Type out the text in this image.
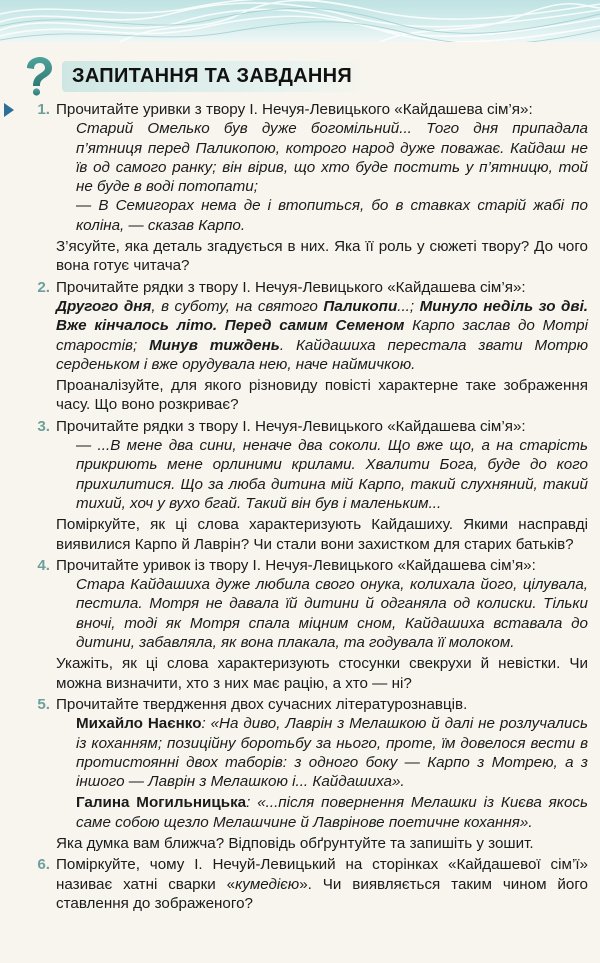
ЗАПИТАННЯ ТА ЗАВДАННЯ
1. Прочитайте уривки з твору І. Нечуя-Левицького «Кайдашева сім’я»:

Старий Омелько був дуже богомільний... Того дня припадала п’ятниця перед Паликопою, котрого народ дуже поважає. Кайдаш не їв од самого ранку; він вірив, що хто буде постить у п’ятницю, той не буде в воді потопати;

— В Семигорах нема де і втопиться, бо в ставках старій жабі по коліна, — сказав Карпо.

З’ясуйте, яка деталь згадується в них. Яка її роль у сюжеті твору? До чого вона готує читача?

2. Прочитайте рядки з твору І. Нечуя-Левицького «Кайдашева сім’я»:

Другого дня, в суботу, на святого Паликопи...; Минуло неділь зо дві. Вже кінчалось літо. Перед самим Семеном Карпо заслав до Мотрі старостів; Минув тиждень. Кайдашиха перестала звати Мотрю серденьком і вже орудувала нею, наче наймичкою.

Проаналізуйте, для якого різновиду повісті характерне таке зображення часу. Що воно розкриває?

3. Прочитайте рядки з твору І. Нечуя-Левицького «Кайдашева сім’я»:

— ...В мене два сини, неначе два соколи. Що вже що, а на старість прикриють мене орлиними крилами. Хвалити Бога, буде до кого прихилитися. Що за люба дитина мій Карпо, такий слухняний, такий тихий, хоч у вухо бгай. Такий він був і маленьким...

Поміркуйте, як ці слова характеризують Кайдашиху. Якими насправді виявилися Карпо й Лаврін? Чи стали вони захистком для старих батьків?

4. Прочитайте уривок із твору І. Нечуя-Левицького «Кайдашева сім’я»:

Стара Кайдашиха дуже любила свого онука, колихала його, цілувала, пестила. Мотря не давала їй дитини й одганяла од колиски. Тільки вночі, тоді як Мотря спала міцним сном, Кайдашиха вставала до дитини, забавляла, як вона плакала, та годувала її молоком.

Укажіть, як ці слова характеризують стосунки свекрухи й невістки. Чи можна визначити, хто з них має рацію, а хто — ні?

5. Прочитайте твердження двох сучасних літературознавців.

Михайло Наєнко: «На диво, Лаврін з Мелашкою й далі не розлучались із коханням; позиційну боротьбу за нього, проте, їм довелося вести в протистоянні двох таборів: з одного боку — Карпо з Мотрею, а з іншого — Лаврін з Мелашкою і... Кайдашиха».

Галина Могильницька: «...після повернення Мелашки із Києва якось саме собою щезло Мелашчине й Лаврінове поетичне кохання».

Яка думка вам ближча? Відповідь обґрунтуйте та запишіть у зошит.

6. Поміркуйте, чому І. Нечуй-Левицький на сторінках «Кайдашевої сім’ї» називає хатні сварки «кумедією». Чи виявляється таким чином його ставлення до зображеного?
